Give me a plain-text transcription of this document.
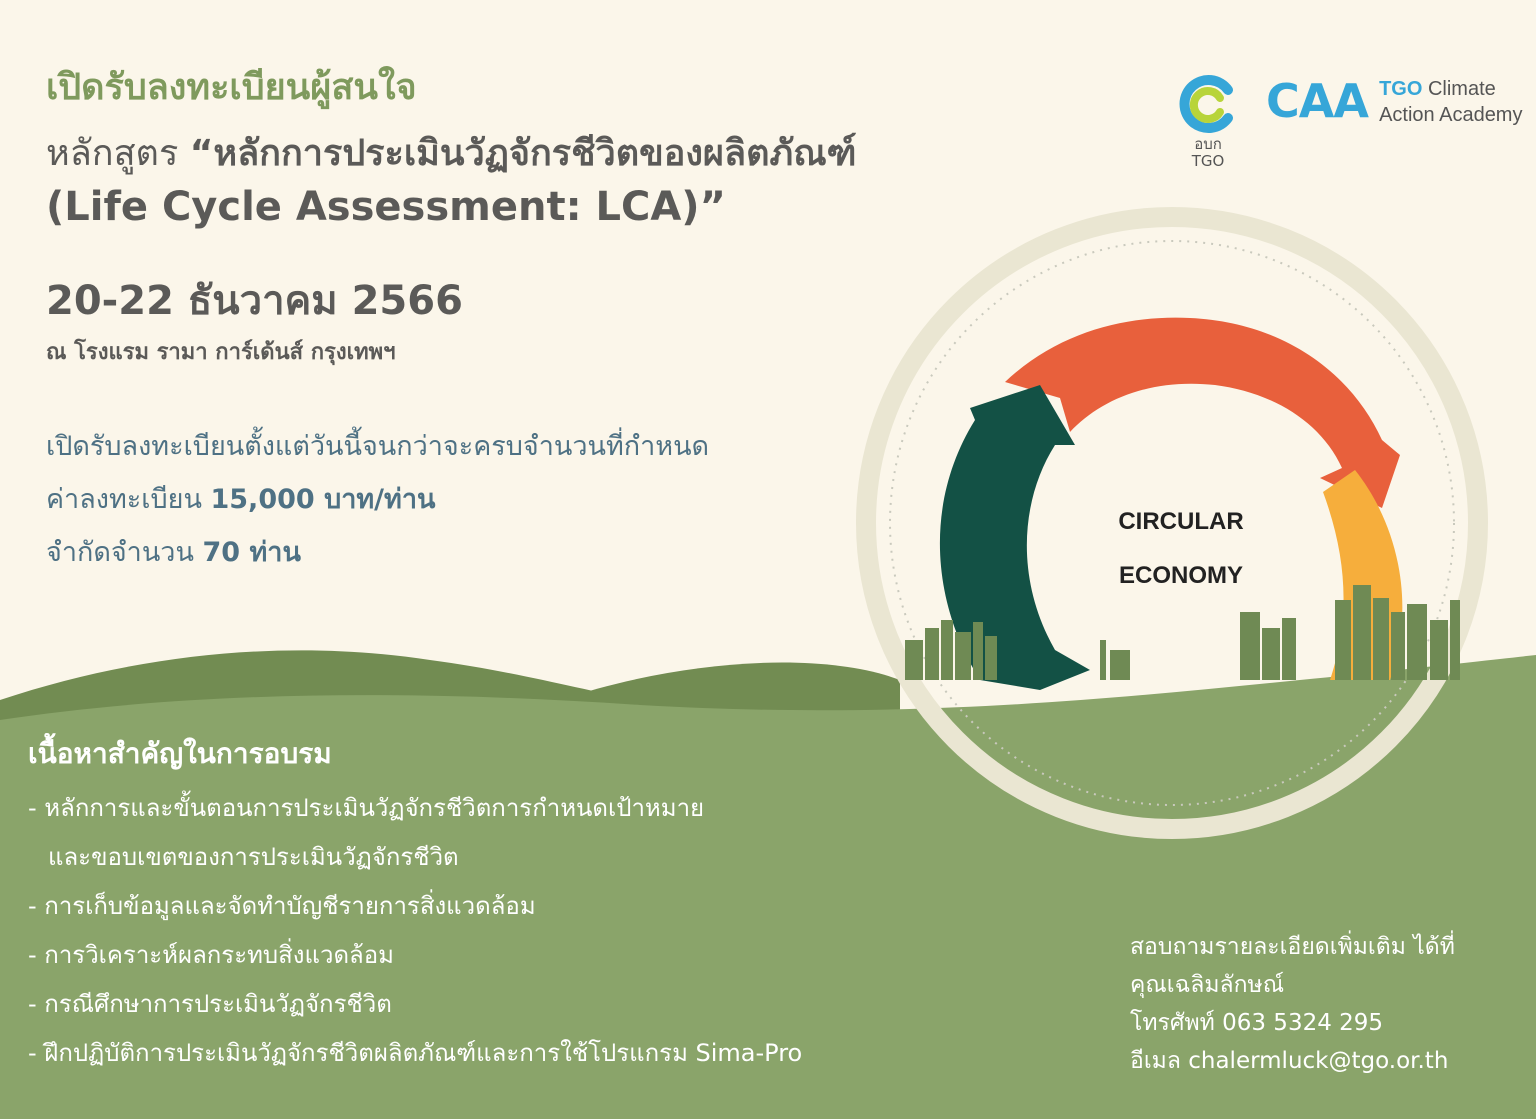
เปิดรับลงทะเบียนผู้สนใจ
หลักสูตร “หลักการประเมินวัฏจักรชีวิตของผลิตภัณฑ์
(Life Cycle Assessment: LCA)”
20-22 ธันวาคม 2566
ณ โรงแรม รามา การ์เด้นส์ กรุงเทพฯ
เปิดรับลงทะเบียนตั้งแต่วันนี้จนกว่าจะครบจำนวนที่กำหนด
ค่าลงทะเบียน 15,000 บาท/ท่าน
จำกัดจำนวน 70 ท่าน
อบก
TGO
CAA TGO Climate
Action Academy
CIRCULAR
ECONOMY
เนื้อหาสำคัญในการอบรม
- หลักการและขั้นตอนการประเมินวัฏจักรชีวิตการกำหนดเป้าหมาย
และขอบเขตของการประเมินวัฏจักรชีวิต
- การเก็บข้อมูลและจัดทำบัญชีรายการสิ่งแวดล้อม
- การวิเคราะห์ผลกระทบสิ่งแวดล้อม
- กรณีศึกษาการประเมินวัฏจักรชีวิต
- ฝึกปฏิบัติการประเมินวัฏจักรชีวิตผลิตภัณฑ์และการใช้โปรแกรม Sima-Pro
สอบถามรายละเอียดเพิ่มเติม ได้ที่
คุณเฉลิมลักษณ์
โทรศัพท์ 063 5324 295
อีเมล chalermluck@tgo.or.th
